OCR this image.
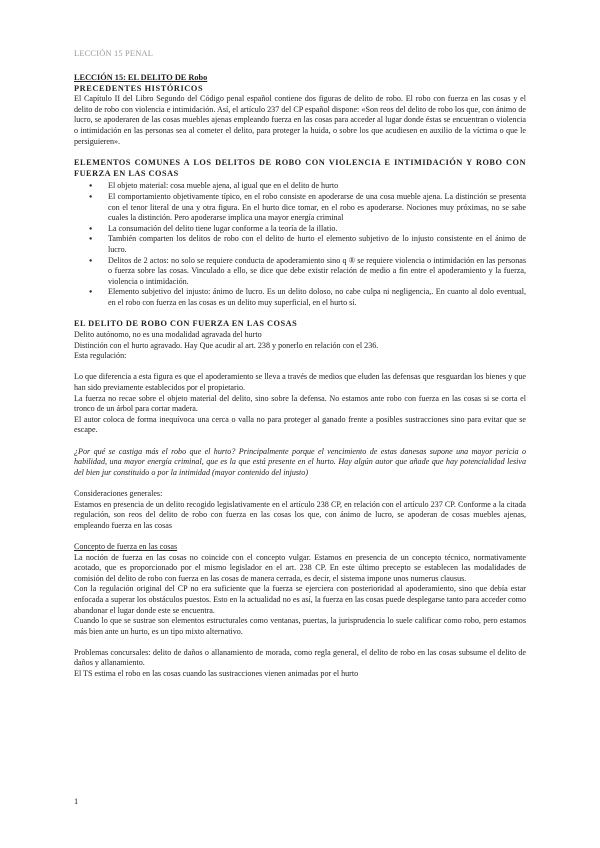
LECCIÓN 15 PENAL

LECCIÓN 15: EL DELITO DE Robo

PRECEDENTES HISTÓRICOS

El Capítulo II del Libro Segundo del Código penal español contiene dos figuras de delito de robo. El robo con fuerza en las cosas y el delito de robo con violencia e intimidación. Así, el artículo 237 del CP español dispone: «Son reos del delito de robo los que, con ánimo de lucro, se apoderaren de las cosas muebles ajenas empleando fuerza en las cosas para acceder al lugar donde éstas se encuentran o violencia o intimidación en las personas sea al cometer el delito, para proteger la huida, o sobre los que acudiesen en auxilio de la víctima o que le persiguieren».

ELEMENTOS COMUNES A LOS DELITOS DE ROBO CON VIOLENCIA E INTIMIDACIÓN Y ROBO CON FUERZA EN LAS COSAS

● El objeto material: cosa mueble ajena, al igual que en el delito de hurto
● El comportamiento objetivamente típico, en el robo consiste en apoderarse de una cosa mueble ajena. La distinción se presenta con el tenor literal de una y otra figura. En el hurto dice tomar, en el robo es apoderarse. Nociones muy próximas, no se sabe cuales la distinción. Pero apoderarse implica una mayor energía criminal
● La consumación del delito tiene lugar conforme a la teoría de la illatio.
● También comparten los delitos de robo con el delito de hurto el elemento subjetivo de lo injusto consistente en el ánimo de lucro.
● Delitos de 2 actos: no solo se requiere conducta de apoderamiento sino q ® se requiere violencia o intimidación en las personas o fuerza sobre las cosas. Vinculado a ello, se dice que debe existir relación de medio a fin entre el apoderamiento y la fuerza, violencia o intimidación.
● Elemento subjetivo del injusto: ánimo de lucro. Es un delito doloso, no cabe culpa ni negligencia,. En cuanto al dolo eventual, en el robo con fuerza en las cosas es un delito muy superficial, en el hurto sí.

EL DELITO DE ROBO CON FUERZA EN LAS COSAS

Delito autónomo, no es una modalidad agravada del hurto

Distinción con el hurto agravado. Hay Que acudir al art. 238 y ponerlo en relación con el 236.

Esta regulación:

Lo que diferencia a esta figura es que el apoderamiento se lleva a través de medios que eluden las defensas que resguardan los bienes y que han sido previamente establecidos por el propietario.

La fuerza no recae sobre el objeto material del delito, sino sobre la defensa. No estamos ante robo con fuerza en las cosas si se corta el tronco de un árbol para cortar madera.

El autor coloca de forma inequívoca una cerca o valla no para proteger al ganado frente a posibles sustracciones sino para evitar que se escape.

¿Por qué se castiga más el robo que el hurto? Principalmente porque el vencimiento de estas danesas supone una mayor pericia o habilidad, una mayor energía criminal, que es la que está presente en el hurto. Hay algún autor que añade que hay potencialidad lesiva del bien jur constituido o por la intimidad (mayor contenido del injusto)

Consideraciones generales:

Estamos en presencia de un delito recogido legislativamente en el artículo 238 CP, en relación con el artículo 237 CP. Conforme a la citada regulación, son reos del delito de robo con fuerza en las cosas los que, con ánimo de lucro, se apoderan de cosas muebles ajenas, empleando fuerza en las cosas

Concepto de fuerza en las cosas

La noción de fuerza en las cosas no coincide con el concepto vulgar. Estamos en presencia de un concepto técnico, normativamente acotado, que es proporcionado por el mismo legislador en el art. 238 CP. En este último precepto se establecen las modalidades de comisión del delito de robo con fuerza en las cosas de manera cerrada, es decir, el sistema impone unos numerus clausus.

Con la regulación original del CP no era suficiente que la fuerza se ejerciera con posterioridad al apoderamiento, sino que debía estar enfocada a superar los obstáculos puestos. Esto en la actualidad no es así, la fuerza en las cosas puede desplegarse tanto para acceder como abandonar el lugar donde este se encuentra.

Cuando lo que se sustrae son elementos estructurales como ventanas, puertas, la jurisprudencia lo suele calificar como robo, pero estamos más bien ante un hurto, es un tipo mixto alternativo.

Problemas concursales: delito de daños o allanamiento de morada, como regla general, el delito de robo en las cosas subsume el delito de daños y allanamiento.

El TS estima el robo en las cosas cuando las sustracciones vienen animadas por el hurto

1
